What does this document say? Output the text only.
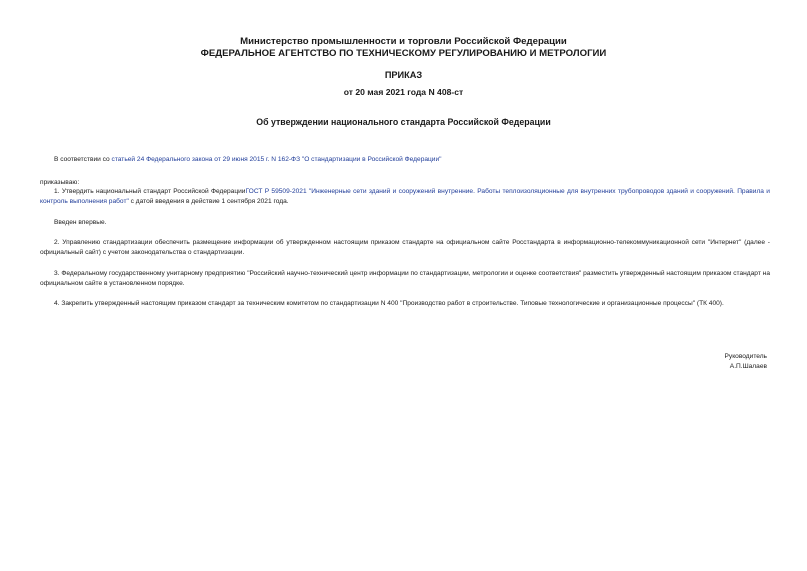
Министерство промышленности и торговли Российской Федерации
ФЕДЕРАЛЬНОЕ АГЕНТСТВО ПО ТЕХНИЧЕСКОМУ РЕГУЛИРОВАНИЮ И МЕТРОЛОГИИ
ПРИКАЗ
от 20 мая 2021 года N 408-ст
Об утверждении национального стандарта Российской Федерации
В соответствии со статьей 24 Федерального закона от 29 июня 2015 г. N 162-ФЗ "О стандартизации в Российской Федерации"
приказываю:
1. Утвердить национальный стандарт Российской ФедерацииГОСТ Р 59509-2021 "Инженерные сети зданий и сооружений внутренние. Работы теплоизоляционные для внутренних трубопроводов зданий и сооружений. Правила и контроль выполнения работ" с датой введения в действие 1 сентября 2021 года.
Введен впервые.
2. Управлению стандартизации обеспечить размещение информации об утвержденном настоящим приказом стандарте на официальном сайте Росстандарта в информационно-телекоммуникационной сети "Интернет" (далее - официальный сайт) с учетом законодательства о стандартизации.
3. Федеральному государственному унитарному предприятию "Российский научно-технический центр информации по стандартизации, метрологии и оценке соответствия" разместить утвержденный настоящим приказом стандарт на официальном сайте в установленном порядке.
4. Закрепить утвержденный настоящим приказом стандарт за техническим комитетом по стандартизации N 400 "Производство работ в строительстве. Типовые технологические и организационные процессы" (ТК 400).
Руководитель
А.П.Шалаев
